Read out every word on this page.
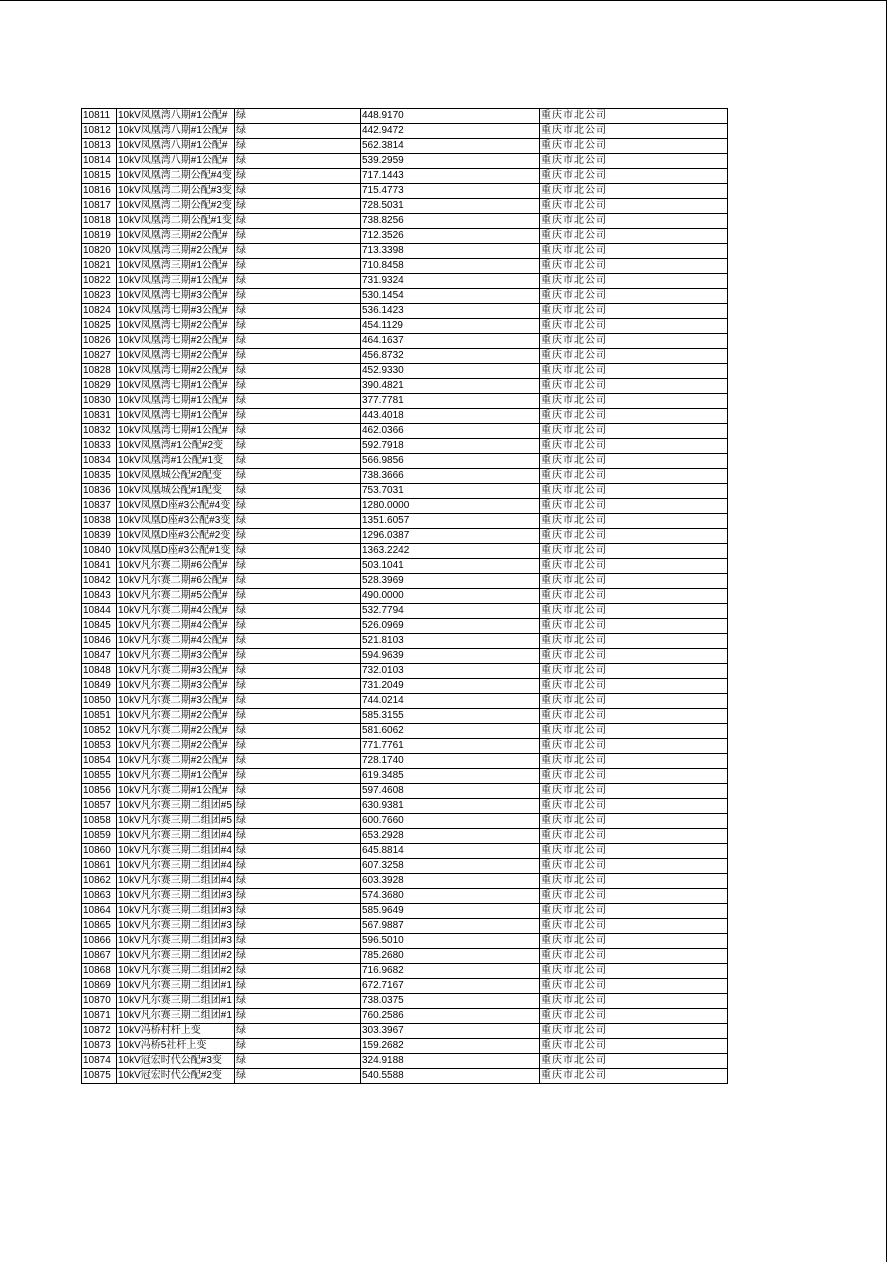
10811	10kV凤凰湾八期#1公配#	绿	448.9170	重庆市北公司
10812	10kV凤凰湾八期#1公配#	绿	442.9472	重庆市北公司
10813	10kV凤凰湾八期#1公配#	绿	562.3814	重庆市北公司
10814	10kV凤凰湾八期#1公配#	绿	539.2959	重庆市北公司
10815	10kV凤凰湾二期公配#4变	绿	717.1443	重庆市北公司
10816	10kV凤凰湾二期公配#3变	绿	715.4773	重庆市北公司
10817	10kV凤凰湾二期公配#2变	绿	728.5031	重庆市北公司
10818	10kV凤凰湾二期公配#1变	绿	738.8256	重庆市北公司
10819	10kV凤凰湾三期#2公配#	绿	712.3526	重庆市北公司
10820	10kV凤凰湾三期#2公配#	绿	713.3398	重庆市北公司
10821	10kV凤凰湾三期#1公配#	绿	710.8458	重庆市北公司
10822	10kV凤凰湾三期#1公配#	绿	731.9324	重庆市北公司
10823	10kV凤凰湾七期#3公配#	绿	530.1454	重庆市北公司
10824	10kV凤凰湾七期#3公配#	绿	536.1423	重庆市北公司
10825	10kV凤凰湾七期#2公配#	绿	454.1129	重庆市北公司
10826	10kV凤凰湾七期#2公配#	绿	464.1637	重庆市北公司
10827	10kV凤凰湾七期#2公配#	绿	456.8732	重庆市北公司
10828	10kV凤凰湾七期#2公配#	绿	452.9330	重庆市北公司
10829	10kV凤凰湾七期#1公配#	绿	390.4821	重庆市北公司
10830	10kV凤凰湾七期#1公配#	绿	377.7781	重庆市北公司
10831	10kV凤凰湾七期#1公配#	绿	443.4018	重庆市北公司
10832	10kV凤凰湾七期#1公配#	绿	462.0366	重庆市北公司
10833	10kV凤凰湾#1公配#2变	绿	592.7918	重庆市北公司
10834	10kV凤凰湾#1公配#1变	绿	566.9856	重庆市北公司
10835	10kV凤凰城公配#2配变	绿	738.3666	重庆市北公司
10836	10kV凤凰城公配#1配变	绿	753.7031	重庆市北公司
10837	10kV凤凰D座#3公配#4变	绿	1280.0000	重庆市北公司
10838	10kV凤凰D座#3公配#3变	绿	1351.6057	重庆市北公司
10839	10kV凤凰D座#3公配#2变	绿	1296.0387	重庆市北公司
10840	10kV凤凰D座#3公配#1变	绿	1363.2242	重庆市北公司
10841	10kV凡尔赛二期#6公配#	绿	503.1041	重庆市北公司
10842	10kV凡尔赛二期#6公配#	绿	528.3969	重庆市北公司
10843	10kV凡尔赛二期#5公配#	绿	490.0000	重庆市北公司
10844	10kV凡尔赛二期#4公配#	绿	532.7794	重庆市北公司
10845	10kV凡尔赛二期#4公配#	绿	526.0969	重庆市北公司
10846	10kV凡尔赛二期#4公配#	绿	521.8103	重庆市北公司
10847	10kV凡尔赛二期#3公配#	绿	594.9639	重庆市北公司
10848	10kV凡尔赛二期#3公配#	绿	732.0103	重庆市北公司
10849	10kV凡尔赛二期#3公配#	绿	731.2049	重庆市北公司
10850	10kV凡尔赛二期#3公配#	绿	744.0214	重庆市北公司
10851	10kV凡尔赛二期#2公配#	绿	585.3155	重庆市北公司
10852	10kV凡尔赛二期#2公配#	绿	581.6062	重庆市北公司
10853	10kV凡尔赛二期#2公配#	绿	771.7761	重庆市北公司
10854	10kV凡尔赛二期#2公配#	绿	728.1740	重庆市北公司
10855	10kV凡尔赛二期#1公配#	绿	619.3485	重庆市北公司
10856	10kV凡尔赛二期#1公配#	绿	597.4608	重庆市北公司
10857	10kV凡尔赛三期二组团#5	绿	630.9381	重庆市北公司
10858	10kV凡尔赛三期二组团#5	绿	600.7660	重庆市北公司
10859	10kV凡尔赛三期二组团#4	绿	653.2928	重庆市北公司
10860	10kV凡尔赛三期二组团#4	绿	645.8814	重庆市北公司
10861	10kV凡尔赛三期二组团#4	绿	607.3258	重庆市北公司
10862	10kV凡尔赛三期二组团#4	绿	603.3928	重庆市北公司
10863	10kV凡尔赛三期二组团#3	绿	574.3680	重庆市北公司
10864	10kV凡尔赛三期二组团#3	绿	585.9649	重庆市北公司
10865	10kV凡尔赛三期二组团#3	绿	567.9887	重庆市北公司
10866	10kV凡尔赛三期二组团#3	绿	596.5010	重庆市北公司
10867	10kV凡尔赛三期二组团#2	绿	785.2680	重庆市北公司
10868	10kV凡尔赛三期二组团#2	绿	716.9682	重庆市北公司
10869	10kV凡尔赛三期二组团#1	绿	672.7167	重庆市北公司
10870	10kV凡尔赛三期二组团#1	绿	738.0375	重庆市北公司
10871	10kV凡尔赛三期二组团#1	绿	760.2586	重庆市北公司
10872	10kV冯桥村杆上变	绿	303.3967	重庆市北公司
10873	10kV冯桥5社杆上变	绿	159.2682	重庆市北公司
10874	10kV冠宏时代公配#3变	绿	324.9188	重庆市北公司
10875	10kV冠宏时代公配#2变	绿	540.5588	重庆市北公司
